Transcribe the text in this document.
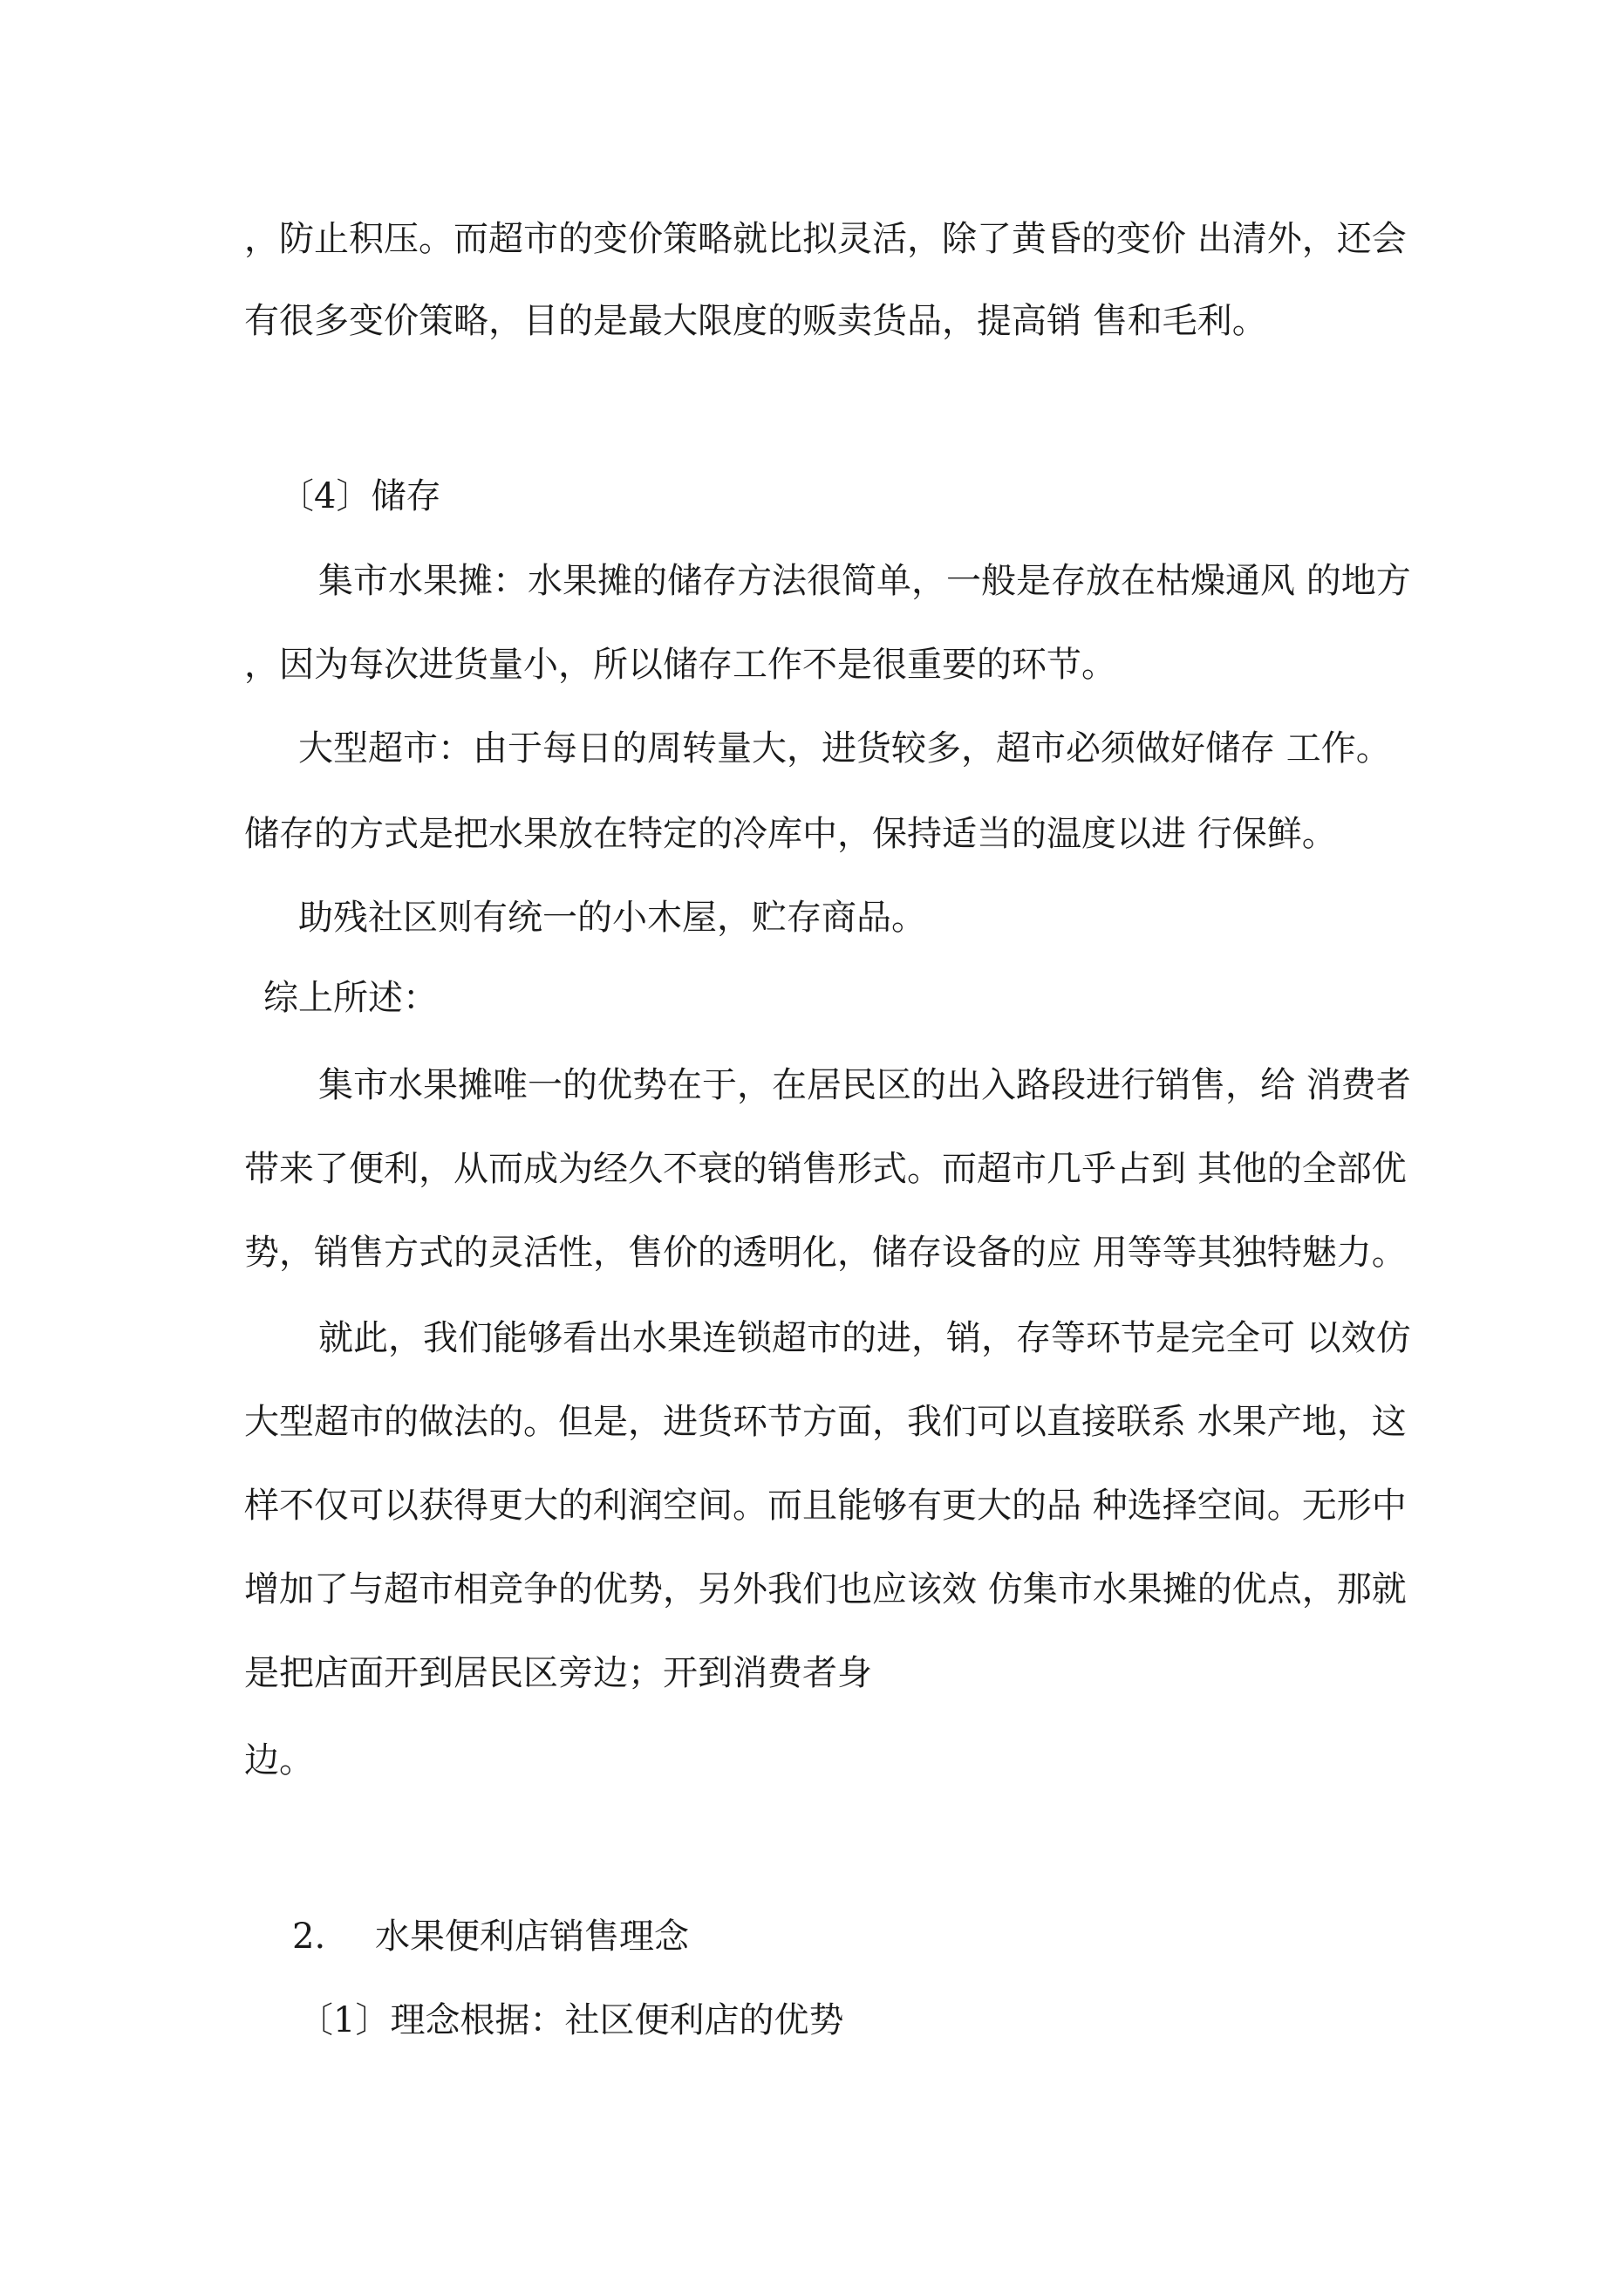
，防止积压。而超市的变价策略就比拟灵活，除了黄昏的变价 出清外，还会

有很多变价策略，目的是最大限度的贩卖货品，提高销 售和毛利。

〔4〕储存

集市水果摊：水果摊的储存方法很简单，一般是存放在枯燥通风 的地方

，因为每次进货量小，所以储存工作不是很重要的环节。

大型超市：由于每日的周转量大，进货较多，超市必须做好储存 工作。

储存的方式是把水果放在特定的冷库中，保持适当的温度以进 行保鲜。

助残社区则有统一的小木屋，贮存商品。

综上所述：

集市水果摊唯一的优势在于，在居民区的出入路段进行销售，给 消费者

带来了便利，从而成为经久不衰的销售形式。而超市几乎占到 其他的全部优

势，销售方式的灵活性，售价的透明化，储存设备的应 用等等其独特魅力。

就此，我们能够看出水果连锁超市的进，销，存等环节是完全可 以效仿

大型超市的做法的。但是，进货环节方面，我们可以直接联系 水果产地，这

样不仅可以获得更大的利润空间。而且能够有更大的品 种选择空间。无形中

增加了与超市相竞争的优势，另外我们也应该效 仿集市水果摊的优点，那就

是把店面开到居民区旁边；开到消费者身

边。

2. 水果便利店销售理念

〔1〕理念根据：社区便利店的优势
